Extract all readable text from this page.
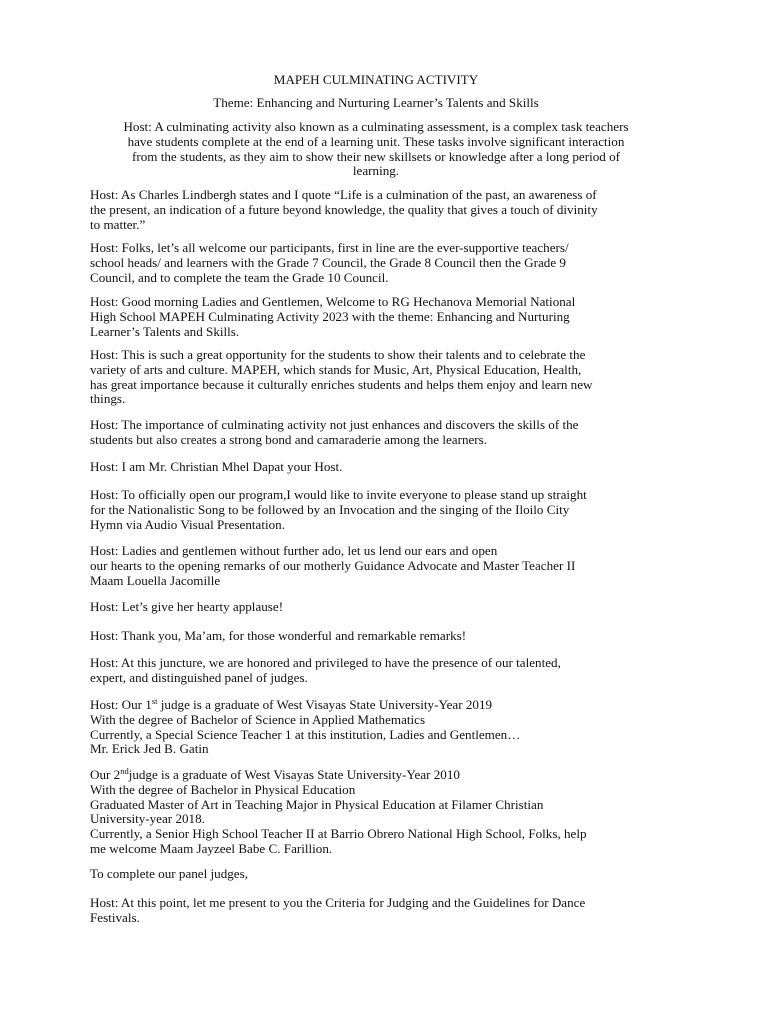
MAPEH CULMINATING ACTIVITY
Theme: Enhancing and Nurturing Learner’s Talents and Skills
Host: A culminating activity also known as a culminating assessment, is a complex task teachers
have students complete at the end of a learning unit. These tasks involve significant interaction
from the students, as they aim to show their new skillsets or knowledge after a long period of
learning.
Host: As Charles Lindbergh states and I quote “Life is a culmination of the past, an awareness of
the present, an indication of a future beyond knowledge, the quality that gives a touch of divinity
to matter.”
Host: Folks, let’s all welcome our participants, first in line are the ever-supportive teachers/
school heads/ and learners with the Grade 7 Council, the Grade 8 Council then the Grade 9
Council, and to complete the team the Grade 10 Council.
Host: Good morning Ladies and Gentlemen, Welcome to RG Hechanova Memorial National
High School MAPEH Culminating Activity 2023 with the theme: Enhancing and Nurturing
Learner’s Talents and Skills.
Host: This is such a great opportunity for the students to show their talents and to celebrate the
variety of arts and culture. MAPEH, which stands for Music, Art, Physical Education, Health,
has great importance because it culturally enriches students and helps them enjoy and learn new
things.
Host: The importance of culminating activity not just enhances and discovers the skills of the
students but also creates a strong bond and camaraderie among the learners.
Host: I am Mr. Christian Mhel Dapat your Host.
Host: To officially open our program,I would like to invite everyone to please stand up straight
for the Nationalistic Song to be followed by an Invocation and the singing of the Iloilo City
Hymn via Audio Visual Presentation.
Host: Ladies and gentlemen without further ado, let us lend our ears and open
our hearts to the opening remarks of our motherly Guidance Advocate and Master Teacher II
Maam Louella Jacomille
Host: Let’s give her hearty applause!
Host: Thank you, Ma’am, for those wonderful and remarkable remarks!
Host: At this juncture, we are honored and privileged to have the presence of our talented,
expert, and distinguished panel of judges.
Host: Our 1st judge is a graduate of West Visayas State University-Year 2019
With the degree of Bachelor of Science in Applied Mathematics
Currently, a Special Science Teacher 1 at this institution, Ladies and Gentlemen…
Mr. Erick Jed B. Gatin
Our 2ndjudge is a graduate of West Visayas State University-Year 2010
With the degree of Bachelor in Physical Education
Graduated Master of Art in Teaching Major in Physical Education at Filamer Christian
University-year 2018.
Currently, a Senior High School Teacher II at Barrio Obrero National High School, Folks, help
me welcome Maam Jayzeel Babe C. Farillion.
To complete our panel judges,
Host: At this point, let me present to you the Criteria for Judging and the Guidelines for Dance
Festivals.
